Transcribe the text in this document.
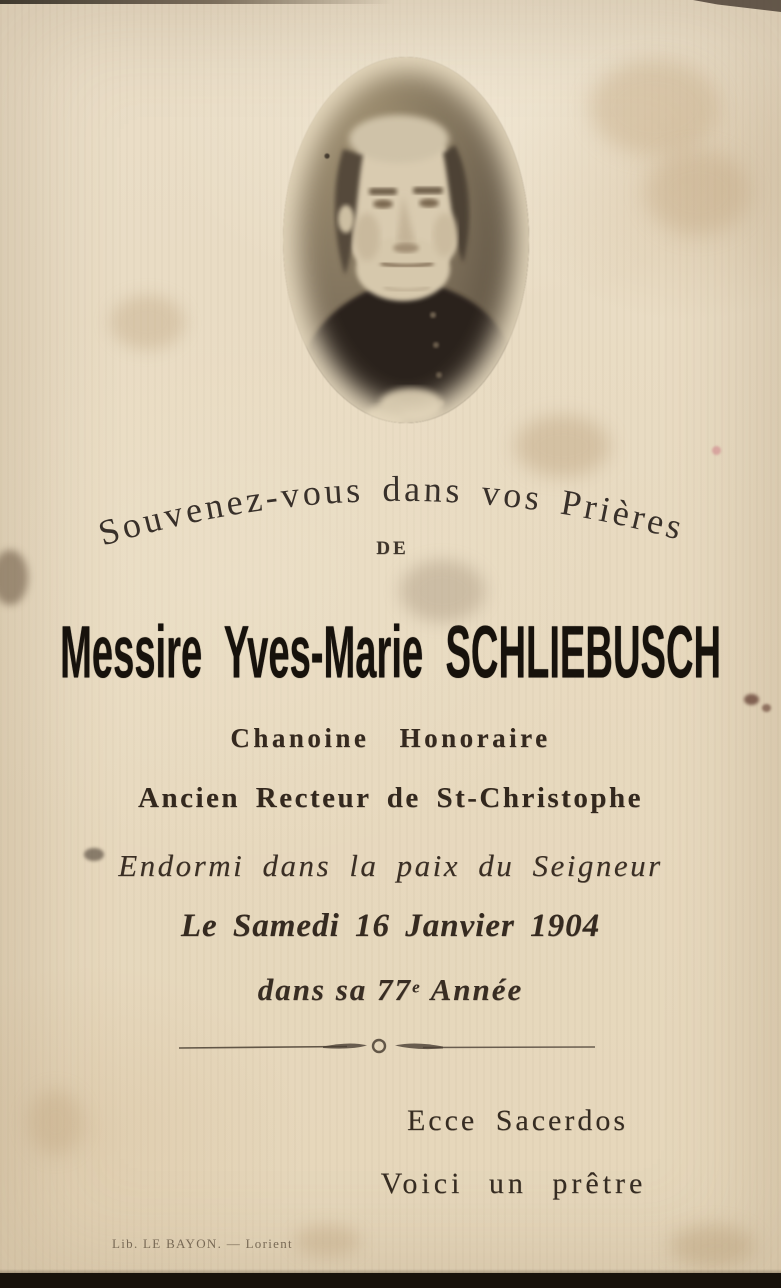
Souvenez-vous dans vos Prières
DE
Messire Yves-Marie SCHLIEBUSCH
Chanoine Honoraire
Ancien Recteur de St-Christophe
Endormi dans la paix du Seigneur
Le Samedi 16 Janvier 1904
dans sa 77e Année
Ecce Sacerdos
Voici un prêtre
Lib. LE BAYON. — Lorient
